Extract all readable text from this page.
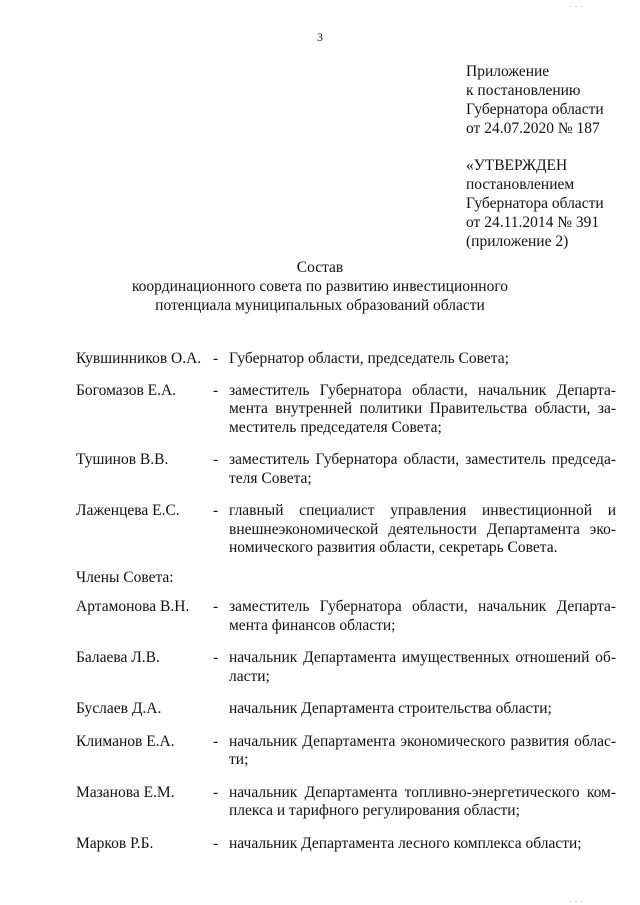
3
. . .
. . .
Приложение
к постановлению
Губернатора области
от 24.07.2020 № 187
«УТВЕРЖДЕН
постановлением
Губернатора области
от 24.11.2014 № 391
(приложение 2)
Состав
координационного совета по развитию инвестиционного
потенциала муниципальных образований области
Кувшинников О.А. - Губернатор области, председатель Совета;
Богомазов Е.А.	- заместитель Губернатора области, начальник Департа-мента внутренней политики Правительства области, за-меститель председателя Совета;
Тушинов В.В.	- заместитель Губернатора области, заместитель председа-теля Совета;
Лаженцева Е.С.	- главный специалист управления инвестиционной и внешнеэкономической деятельности Департамента эко-номического развития области, секретарь Совета.
Члены Совета:
Артамонова В.Н.	- заместитель Губернатора области, начальник Департа-мента финансов области;
Балаева Л.В.	- начальник Департамента имущественных отношений об-ласти;
Буслаев Д.А.	начальник Департамента строительства области;
Климанов Е.А.	- начальник Департамента экономического развития облас-ти;
Мазанова Е.М.	- начальник Департамента топливно-энергетического ком-плекса и тарифного регулирования области;
Марков Р.Б.	- начальник Департамента лесного комплекса области;
